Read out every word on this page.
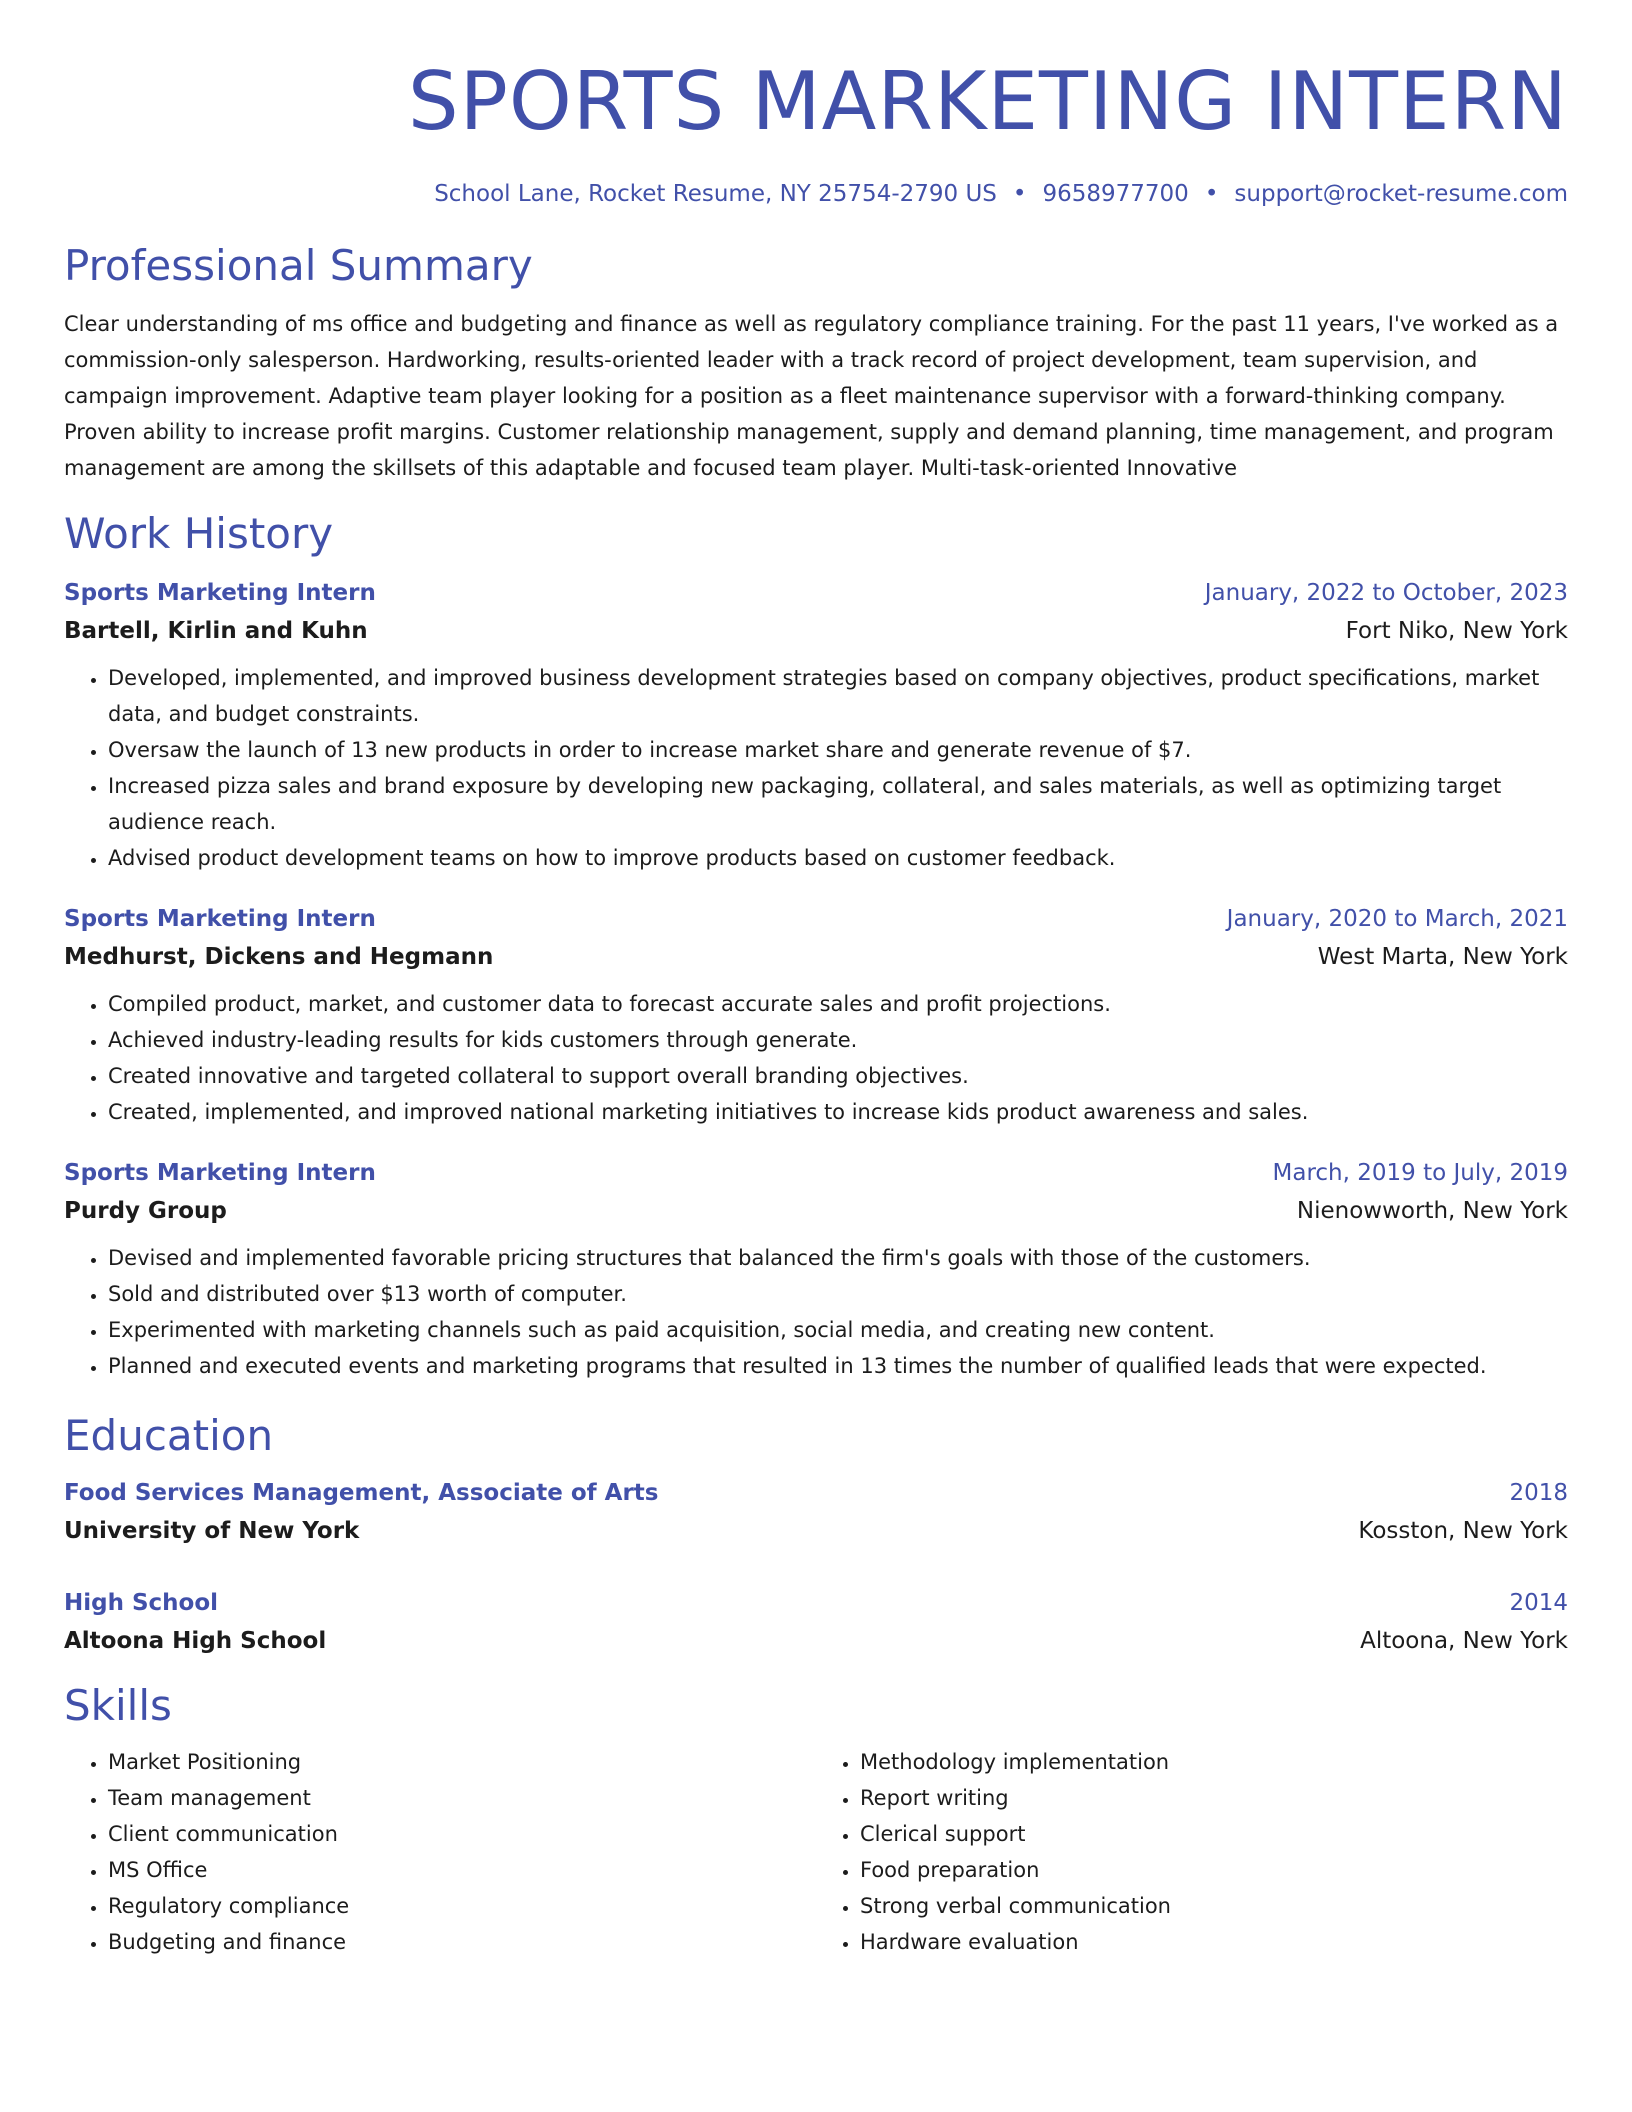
SPORTS MARKETING INTERN
School Lane, Rocket Resume, NY 25754-2790 US • 9658977700 • support@rocket-resume.com
Professional Summary
Clear understanding of ms office and budgeting and finance as well as regulatory compliance training. For the past 11 years, I've worked as a commission-only salesperson. Hardworking, results-oriented leader with a track record of project development, team supervision, and campaign improvement. Adaptive team player looking for a position as a fleet maintenance supervisor with a forward-thinking company. Proven ability to increase profit margins. Customer relationship management, supply and demand planning, time management, and program management are among the skillsets of this adaptable and focused team player. Multi-task-oriented Innovative
Work History
Sports Marketing Intern	January, 2022 to October, 2023
Bartell, Kirlin and Kuhn	Fort Niko, New York
• Developed, implemented, and improved business development strategies based on company objectives, product specifications, market data, and budget constraints.
• Oversaw the launch of 13 new products in order to increase market share and generate revenue of $7.
• Increased pizza sales and brand exposure by developing new packaging, collateral, and sales materials, as well as optimizing target audience reach.
• Advised product development teams on how to improve products based on customer feedback.
Sports Marketing Intern	January, 2020 to March, 2021
Medhurst, Dickens and Hegmann	West Marta, New York
• Compiled product, market, and customer data to forecast accurate sales and profit projections.
• Achieved industry-leading results for kids customers through generate.
• Created innovative and targeted collateral to support overall branding objectives.
• Created, implemented, and improved national marketing initiatives to increase kids product awareness and sales.
Sports Marketing Intern	March, 2019 to July, 2019
Purdy Group	Nienowworth, New York
• Devised and implemented favorable pricing structures that balanced the firm's goals with those of the customers.
• Sold and distributed over $13 worth of computer.
• Experimented with marketing channels such as paid acquisition, social media, and creating new content.
• Planned and executed events and marketing programs that resulted in 13 times the number of qualified leads that were expected.
Education
Food Services Management, Associate of Arts	2018
University of New York	Kosston, New York
High School	2014
Altoona High School	Altoona, New York
Skills
• Market Positioning
• Team management
• Client communication
• MS Office
• Regulatory compliance
• Budgeting and finance
• Methodology implementation
• Report writing
• Clerical support
• Food preparation
• Strong verbal communication
• Hardware evaluation
